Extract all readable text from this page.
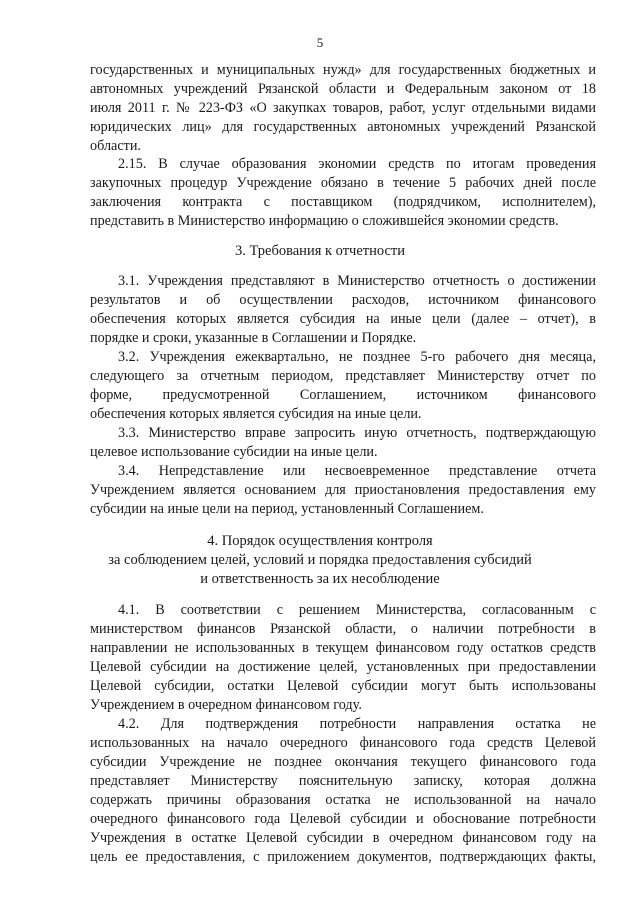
5
государственных и муниципальных нужд» для государственных бюджетных и
автономных учреждений Рязанской области и Федеральным законом от 18
июля 2011 г. № 223-ФЗ «О закупках товаров, работ, услуг отдельными видами
юридических лиц» для государственных автономных учреждений Рязанской
области.
2.15. В случае образования экономии средств по итогам проведения
закупочных процедур Учреждение обязано в течение 5 рабочих дней после
заключения контракта с поставщиком (подрядчиком, исполнителем),
представить в Министерство информацию о сложившейся экономии средств.
3. Требования к отчетности
3.1. Учреждения представляют в Министерство отчетность о достижении
результатов и об осуществлении расходов, источником финансового
обеспечения которых является субсидия на иные цели (далее – отчет), в
порядке и сроки, указанные в Соглашении и Порядке.
3.2. Учреждения ежеквартально, не позднее 5-го рабочего дня месяца,
следующего за отчетным периодом, представляет Министерству отчет по
форме, предусмотренной Соглашением, источником финансового
обеспечения которых является субсидия на иные цели.
3.3. Министерство вправе запросить иную отчетность, подтверждающую
целевое использование субсидии на иные цели.
3.4. Непредставление или несвоевременное представление отчета
Учреждением является основанием для приостановления предоставления ему
субсидии на иные цели на период, установленный Соглашением.
4. Порядок осуществления контроля
за соблюдением целей, условий и порядка предоставления субсидий
и ответственность за их несоблюдение
4.1. В соответствии с решением Министерства, согласованным с
министерством финансов Рязанской области, о наличии потребности в
направлении не использованных в текущем финансовом году остатков средств
Целевой субсидии на достижение целей, установленных при предоставлении
Целевой субсидии, остатки Целевой субсидии могут быть использованы
Учреждением в очередном финансовом году.
4.2. Для подтверждения потребности направления остатка не
использованных на начало очередного финансового года средств Целевой
субсидии Учреждение не позднее окончания текущего финансового года
представляет Министерству пояснительную записку, которая должна
содержать причины образования остатка не использованной на начало
очередного финансового года Целевой субсидии и обоснование потребности
Учреждения в остатке Целевой субсидии в очередном финансовом году на
цель ее предоставления, с приложением документов, подтверждающих факты,
